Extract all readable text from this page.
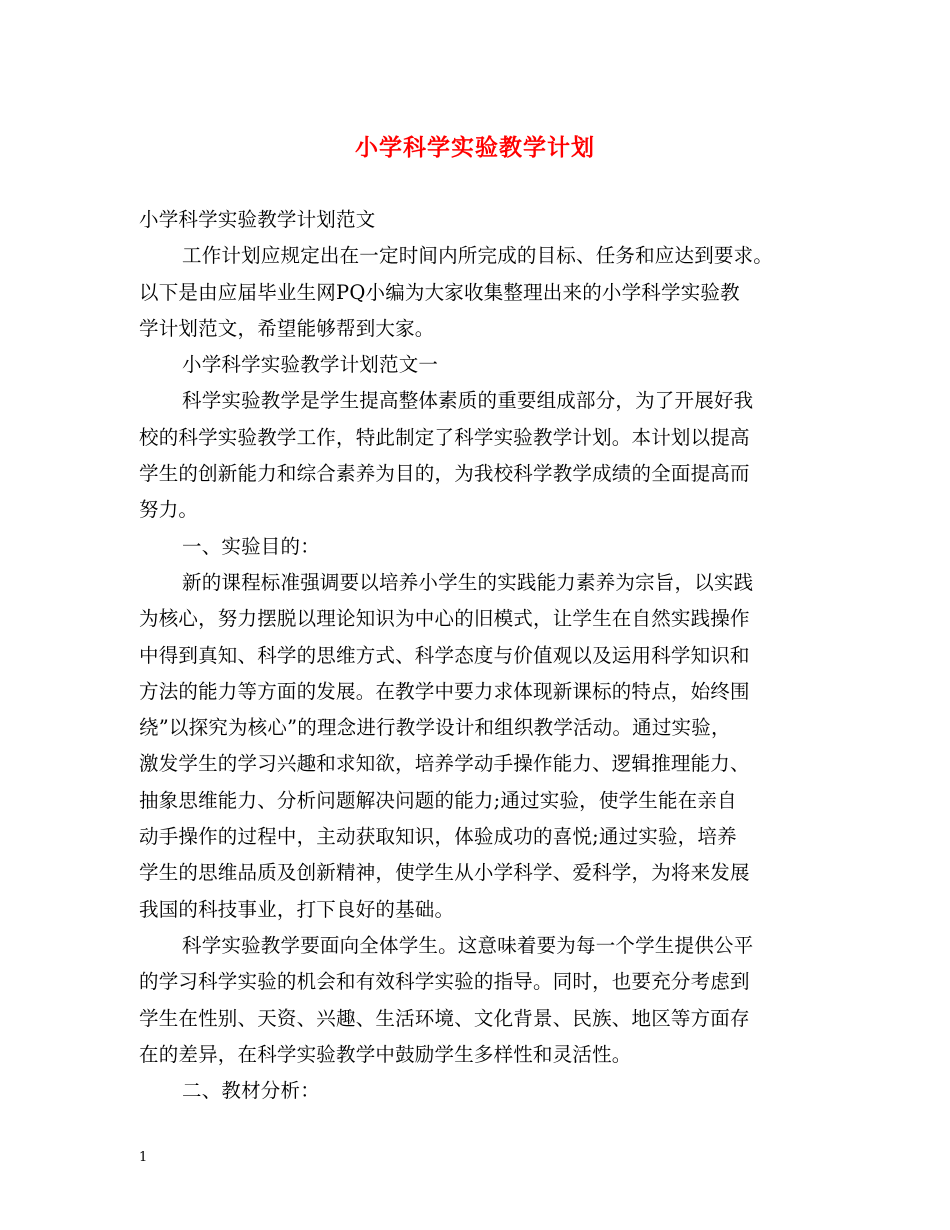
小学科学实验教学计划
小学科学实验教学计划范文
工作计划应规定出在一定时间内所完成的目标、任务和应达到要求。
以下是由应届毕业生网PQ小编为大家收集整理出来的小学科学实验教
学计划范文，希望能够帮到大家。
小学科学实验教学计划范文一
科学实验教学是学生提高整体素质的重要组成部分，为了开展好我
校的科学实验教学工作，特此制定了科学实验教学计划。本计划以提高
学生的创新能力和综合素养为目的，为我校科学教学成绩的全面提高而
努力。
一、实验目的：
新的课程标准强调要以培养小学生的实践能力素养为宗旨，以实践
为核心，努力摆脱以理论知识为中心的旧模式，让学生在自然实践操作
中得到真知、科学的思维方式、科学态度与价值观以及运用科学知识和
方法的能力等方面的发展。在教学中要力求体现新课标的特点，始终围
绕”以探究为核心”的理念进行教学设计和组织教学活动。通过实验，
激发学生的学习兴趣和求知欲，培养学动手操作能力、逻辑推理能力、
抽象思维能力、分析问题解决问题的能力;通过实验，使学生能在亲自
动手操作的过程中，主动获取知识，体验成功的喜悦;通过实验，培养
学生的思维品质及创新精神，使学生从小学科学、爱科学，为将来发展
我国的科技事业，打下良好的基础。
科学实验教学要面向全体学生。这意味着要为每一个学生提供公平
的学习科学实验的机会和有效科学实验的指导。同时，也要充分考虑到
学生在性别、天资、兴趣、生活环境、文化背景、民族、地区等方面存
在的差异，在科学实验教学中鼓励学生多样性和灵活性。
二、教材分析：
1
